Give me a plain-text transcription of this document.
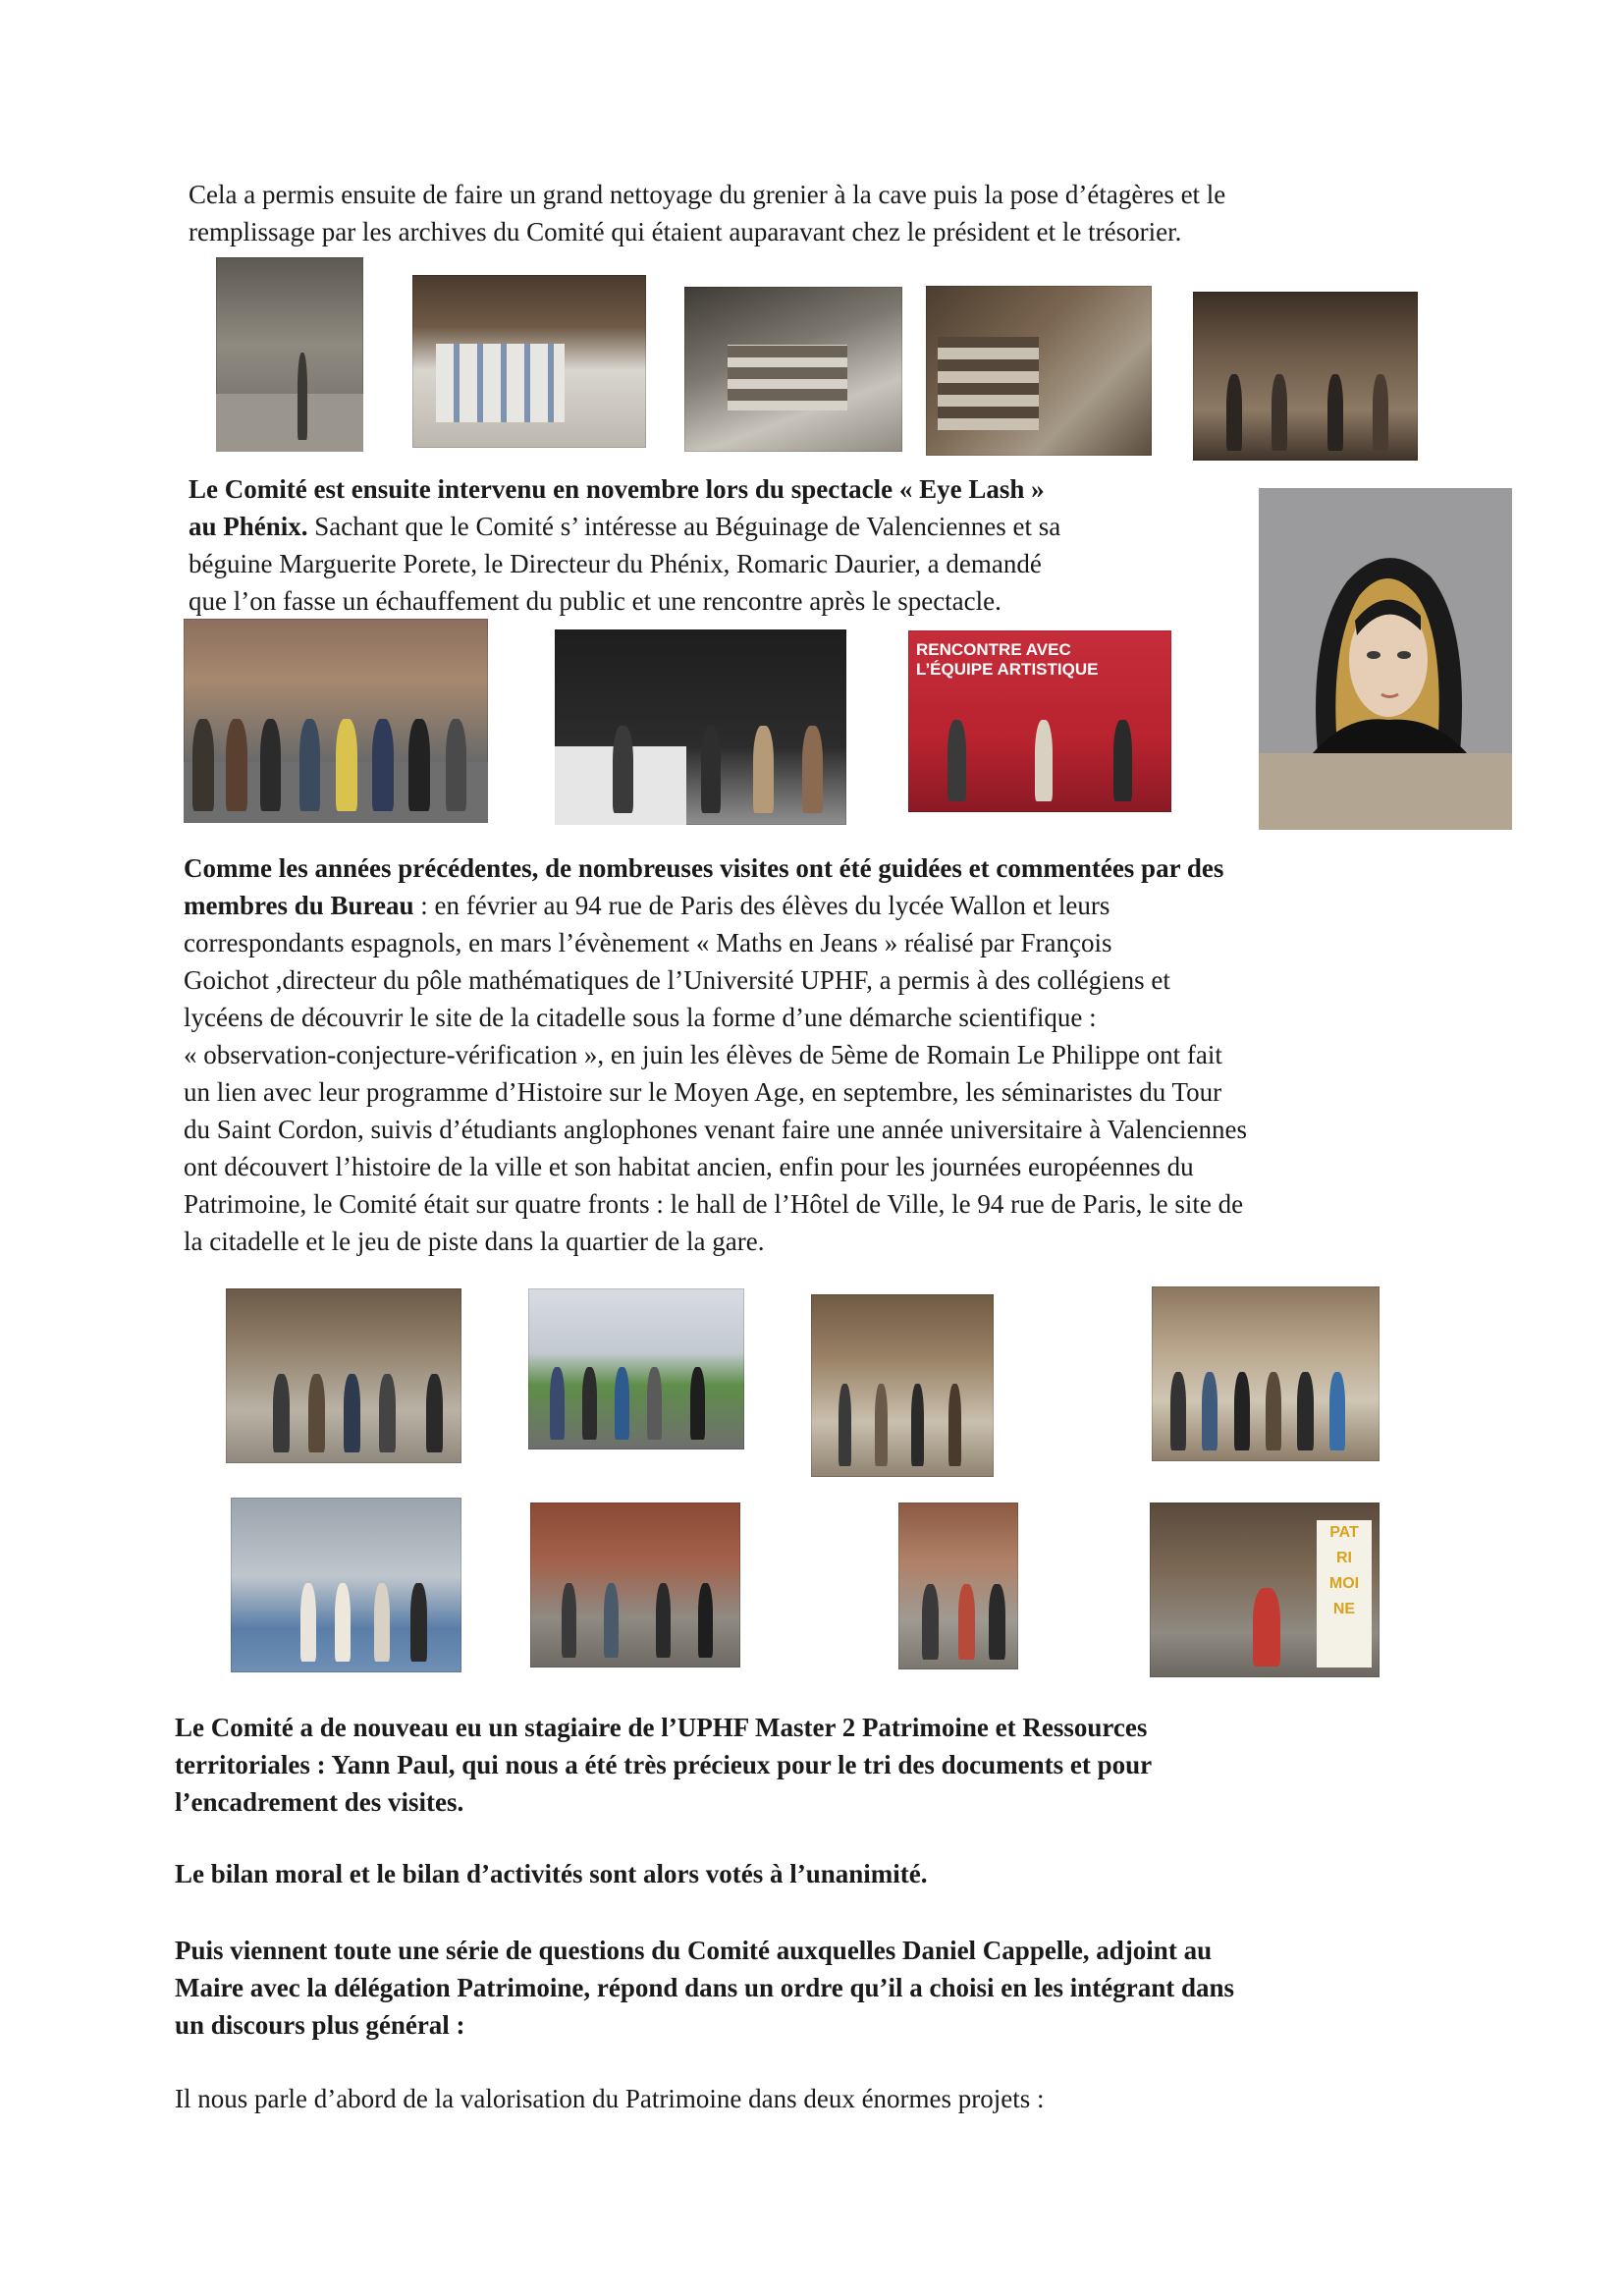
Cela a permis ensuite de faire un grand nettoyage du grenier à la cave puis la pose d’étagères et le

remplissage par les archives du Comité qui étaient auparavant chez le président et le trésorier.

Le Comité est ensuite intervenu en novembre lors du spectacle « Eye Lash »

au Phénix. Sachant que le Comité s’ intéresse au Béguinage de Valenciennes et sa

béguine Marguerite Porete, le Directeur du Phénix, Romaric Daurier, a demandé

que l’on fasse un échauffement du public et une rencontre après le spectacle.

RENCONTRE AVEC
L’ÉQUIPE ARTISTIQUE

Comme les années précédentes, de nombreuses visites ont été guidées et commentées par des

membres du Bureau : en février au 94 rue de Paris des élèves du lycée Wallon et leurs

correspondants espagnols, en mars l’évènement « Maths en Jeans » réalisé par François

Goichot ,directeur du pôle mathématiques de l’Université UPHF, a permis à des collégiens et

lycéens de découvrir le site de la citadelle sous la forme d’une démarche scientifique :

« observation-conjecture-vérification », en juin les élèves de 5ème de Romain Le Philippe ont fait

un lien avec leur programme d’Histoire sur le Moyen Age, en septembre, les séminaristes du Tour

du Saint Cordon, suivis d’étudiants anglophones venant faire une année universitaire à Valenciennes

ont découvert l’histoire de la ville et son habitat ancien, enfin pour les journées européennes du

Patrimoine, le Comité était sur quatre fronts : le hall de l’Hôtel de Ville, le 94 rue de Paris, le site de

la citadelle et le jeu de piste dans la quartier de la gare.

PAT
RI
MOI
NE

Le Comité a de nouveau eu un stagiaire de l’UPHF Master 2 Patrimoine et Ressources

territoriales : Yann Paul, qui nous a été très précieux pour le tri des documents et pour

l’encadrement des visites.

Le bilan moral et le bilan d’activités sont alors votés à l’unanimité.

Puis viennent toute une série de questions du Comité auxquelles Daniel Cappelle, adjoint au

Maire avec la délégation Patrimoine, répond dans un ordre qu’il a choisi en les intégrant dans

un discours plus général :

Il nous parle d’abord de la valorisation du Patrimoine dans deux énormes projets :
